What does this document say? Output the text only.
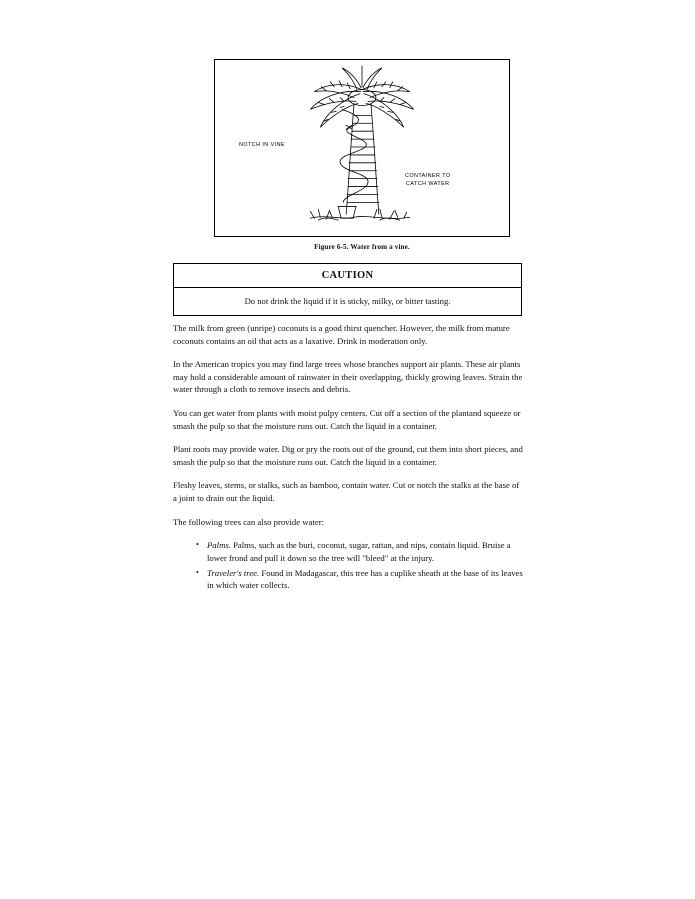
NOTCH IN VINE
CONTAINER TO
CATCH WATER
Figure 6-5. Water from a vine.
CAUTION
Do not drink the liquid if it is sticky, milky, or bitter tasting.

The milk from green (unripe) coconuts is a good thirst quencher. However, the milk from mature coconuts contains an oil that acts as a laxative. Drink in moderation only.

In the American tropics you may find large trees whose branches support air plants. These air plants may hold a considerable amount of rainwater in their overlapping, thickly growing leaves. Strain the water through a cloth to remove insects and debris.

You can get water from plants with moist pulpy centers. Cut off a section of the plantand squeeze or smash the pulp so that the moisture runs out. Catch the liquid in a container.

Plant roots may provide water. Dig or pry the roots out of the ground, cut them into short pieces, and smash the pulp so that the moisture runs out. Catch the liquid in a container.

Fleshy leaves, stems, or stalks, such as bamboo, contain water. Cut or notch the stalks at the base of a joint to drain out the liquid.

The following trees can also provide water:

• Palms. Palms, such as the buri, coconut, sugar, rattan, and nips, contain liquid. Bruise a lower frond and pull it down so the tree will "bleed" at the injury.
• Traveler's tree. Found in Madagascar, this tree has a cuplike sheath at the base of its leaves in which water collects.
